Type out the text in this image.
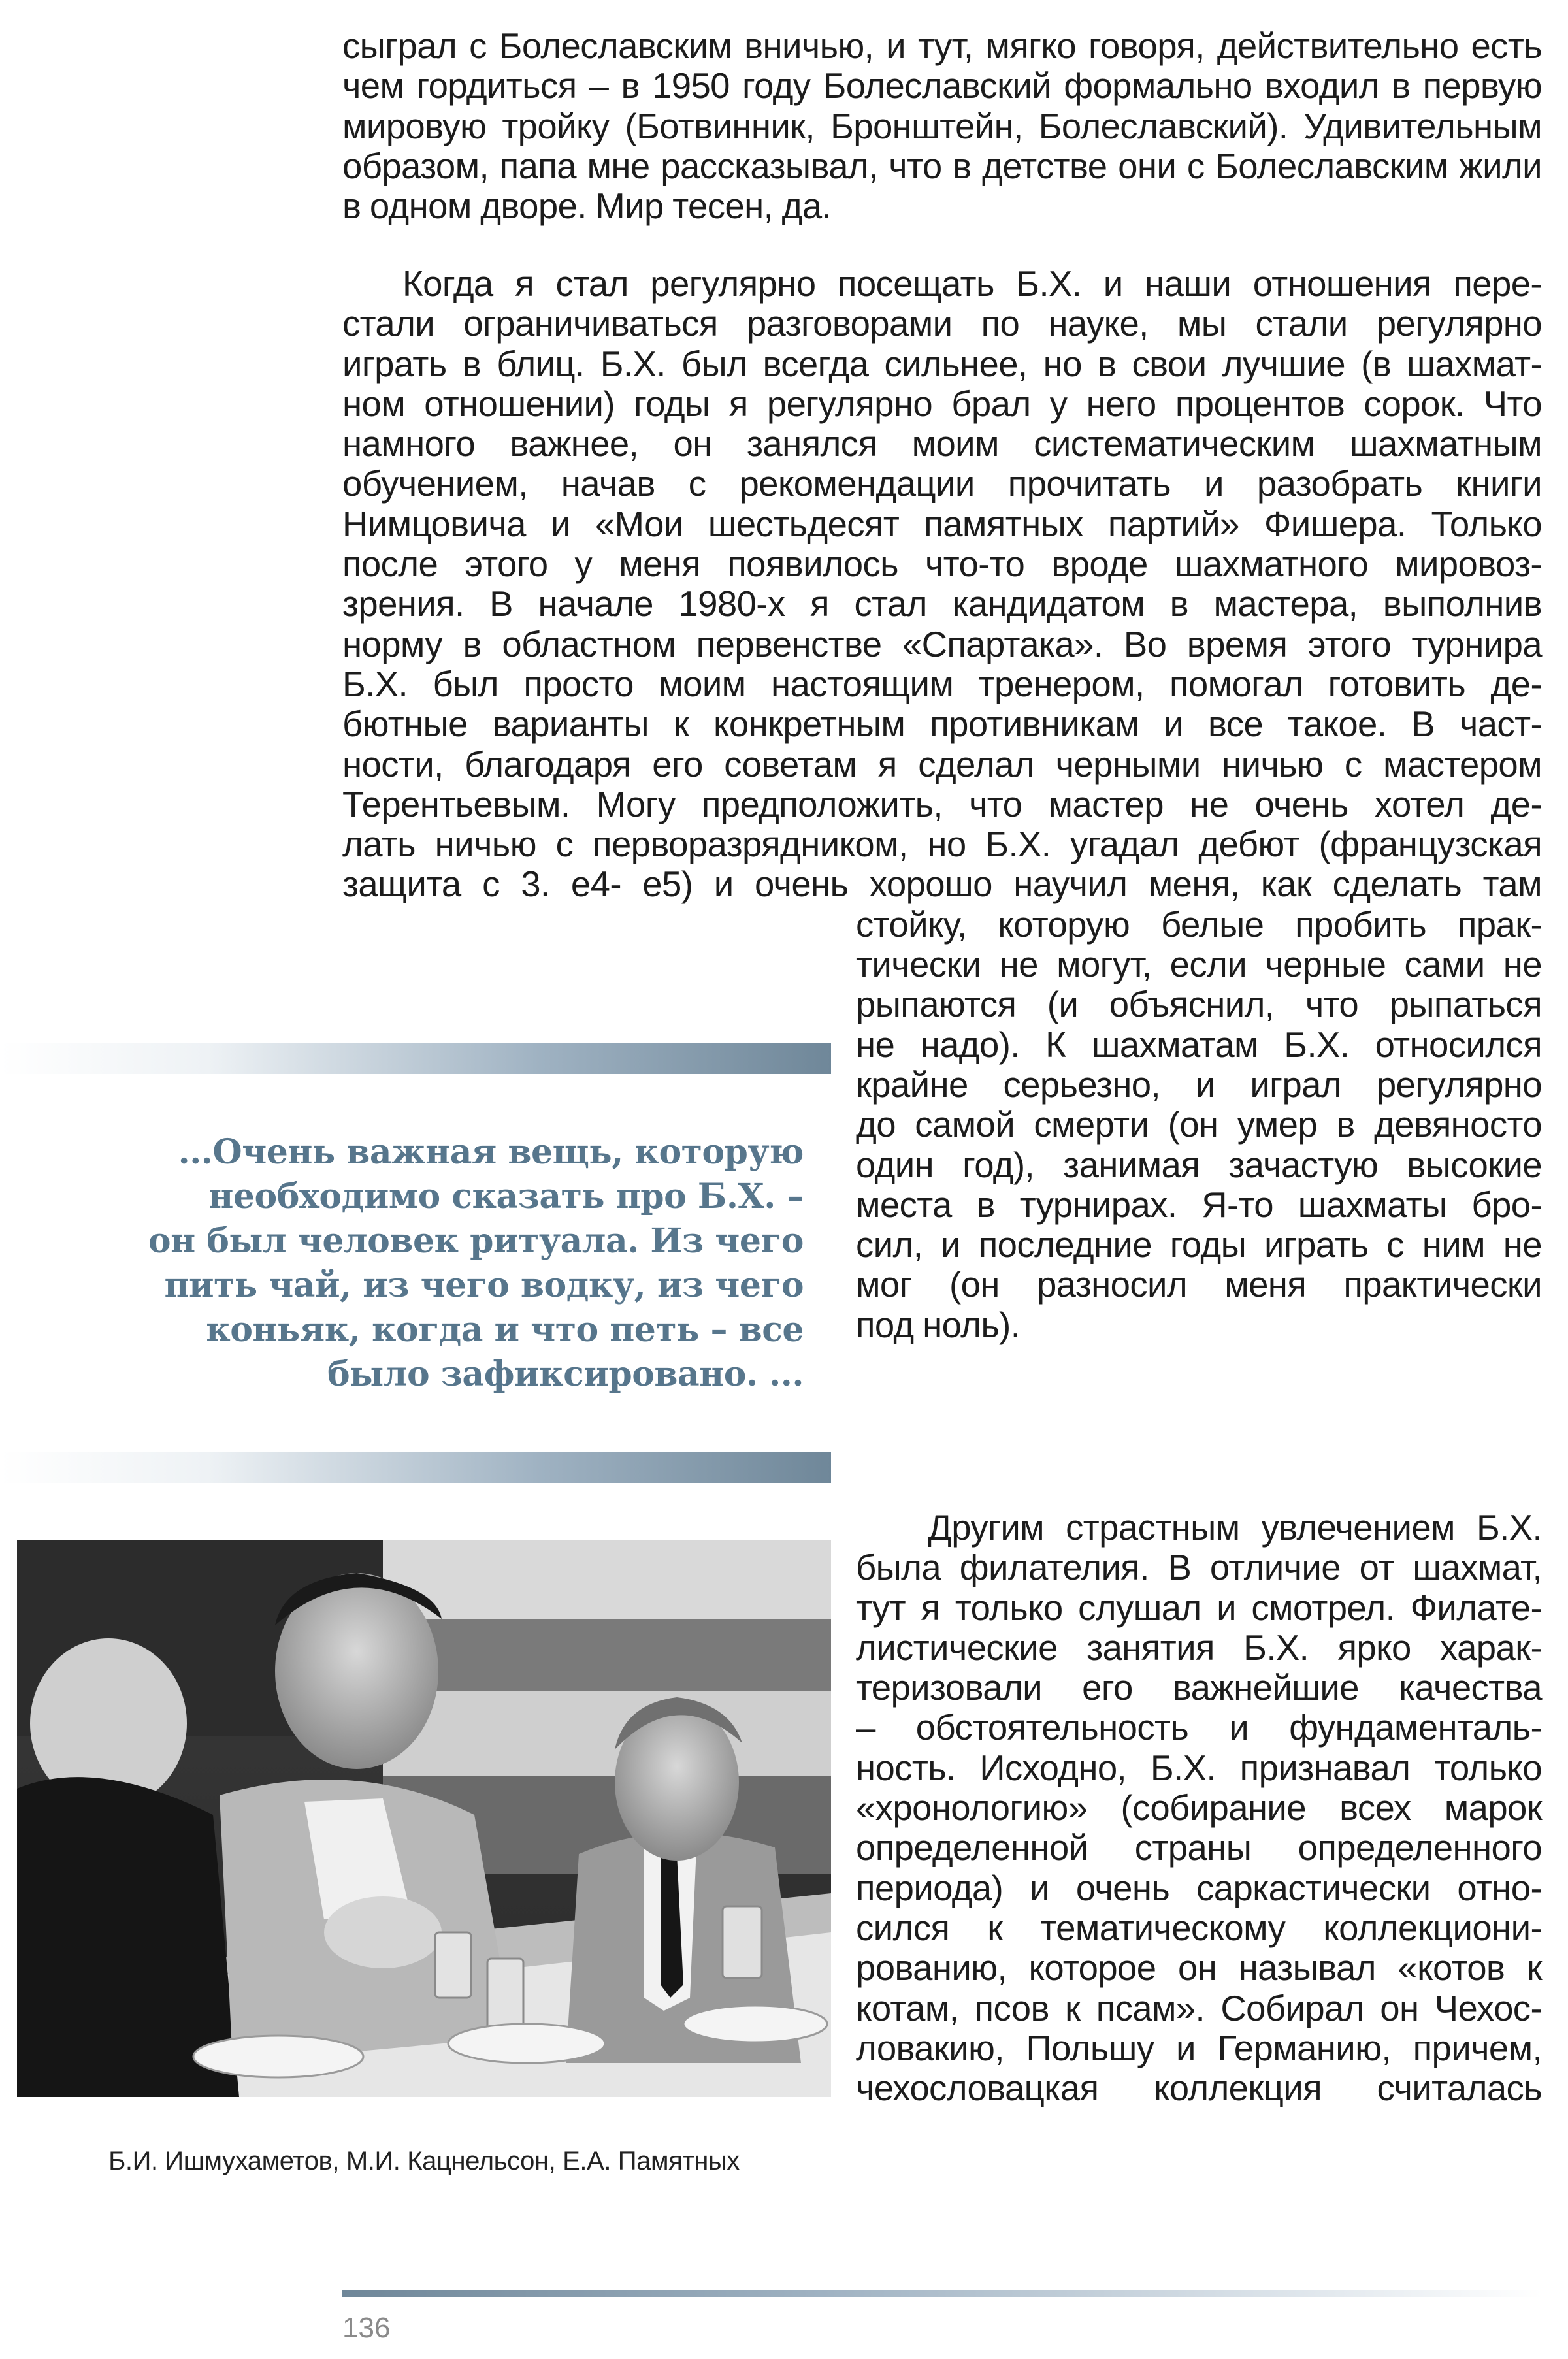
сыграл с Болеславским вничью, и тут, мягко говоря, действительно есть чем гордиться – в 1950 году Болеславский формально входил в первую мировую тройку (Ботвинник, Бронштейн, Болеславский). Удивительным образом, папа мне рассказывал, что в детстве они с Болеславским жили в одном дворе. Мир тесен, да.

Когда я стал регулярно посещать Б.Х. и наши отношения пере-
стали ограничиваться разговорами по науке, мы стали регулярно
играть в блиц. Б.Х. был всегда сильнее, но в свои лучшие (в шахмат-
ном отношении) годы я регулярно брал у него процентов сорок. Что
намного важнее, он занялся моим систематическим шахматным
обучением, начав с рекомендации прочитать и разобрать книги
Нимцовича и «Мои шестьдесят памятных партий» Фишера. Только
после этого у меня появилось что-то вроде шахматного мировоз-
зрения. В начале 1980-х я стал кандидатом в мастера, выполнив
норму в областном первенстве «Спартака». Во время этого турнира
Б.Х. был просто моим настоящим тренером, помогал готовить де-
бютные варианты к конкретным противникам и все такое. В част-
ности, благодаря его советам я сделал черными ничью с мастером
Терентьевым. Могу предположить, что мастер не очень хотел де-
лать ничью с перворазрядником, но Б.Х. угадал дебют (французская
защита с 3. е4- е5) и очень хорошо научил меня, как сделать там
стойку, которую белые пробить прак-
тически не могут, если черные сами не
рыпаются (и объяснил, что рыпаться
не надо). К шахматам Б.Х. относился
крайне серьезно, и играл регулярно
до самой смерти (он умер в девяносто
один год), занимая зачастую высокие
места в турнирах. Я-то шахматы бро-
сил, и последние годы играть с ним не
мог (он разносил меня практически
под ноль).
Другим страстным увлечением Б.Х.
была филателия. В отличие от шахмат,
тут я только слушал и смотрел. Филате-
листические занятия Б.Х. ярко харак-
теризовали его важнейшие качества
– обстоятельность и фундаменталь-
ность. Исходно, Б.Х. признавал только
«хронологию» (собирание всех марок
определенной страны определенного
периода) и очень саркастически отно-
сился к тематическому коллекциони-
рованию, которое он называл «котов к
котам, псов к псам». Собирал он Чехос-
ловакию, Польшу и Германию, причем,
чехословацкая коллекция считалась
...Очень важная вещь, которую
необходимо сказать про Б.Х. –
он был человек ритуала. Из чего
пить чай, из чего водку, из чего
коньяк, когда и что петь – все
было зафиксировано. ...

Б.И. Ишмухаметов, М.И. Кацнельсон, Е.А. Памятных

136
